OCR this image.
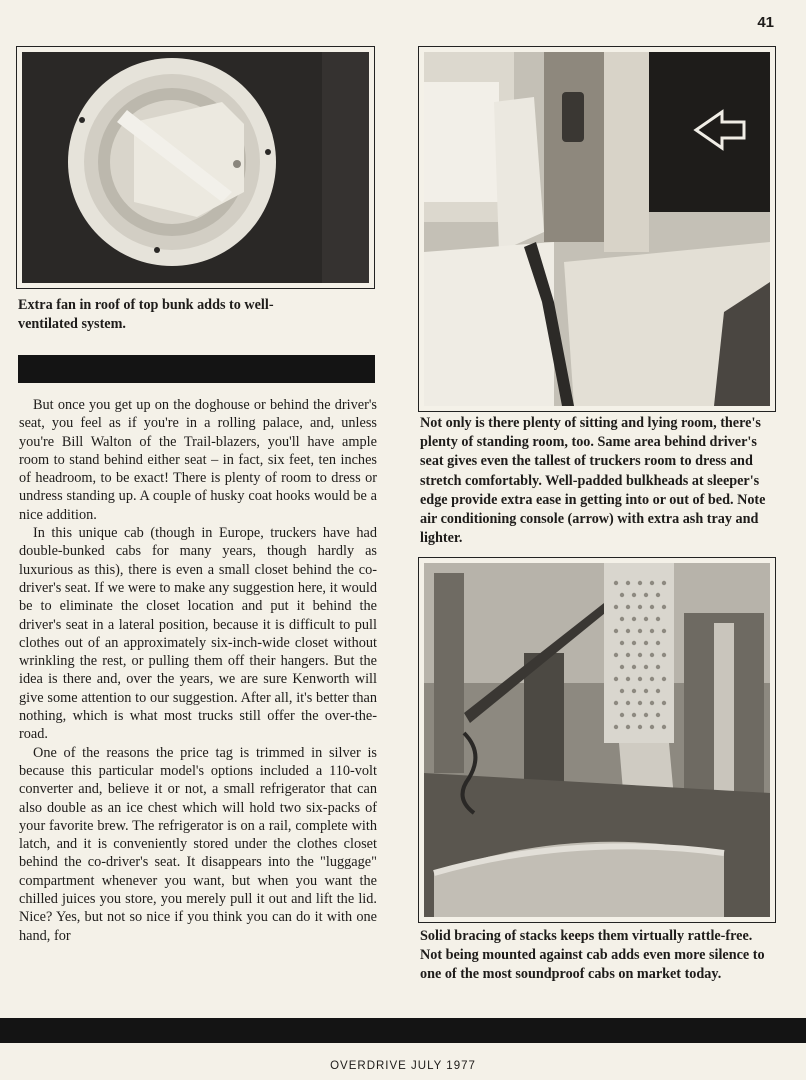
41
Extra fan in roof of top bunk adds to well-ventilated system.
Not only is there plenty of sitting and lying room, there's plenty of standing room, too. Same area behind driver's seat gives even the tallest of truckers room to dress and stretch comfortably. Well-padded bulkheads at sleeper's edge provide extra ease in getting into or out of bed. Note air conditioning console (arrow) with extra ash tray and lighter.
Solid bracing of stacks keeps them virtually rattle-free. Not being mounted against cab adds even more silence to one of the most soundproof cabs on market today.

But once you get up on the doghouse or behind the driver's seat, you feel as if you're in a rolling palace, and, unless you're Bill Walton of the Trail-blazers, you'll have ample room to stand behind either seat – in fact, six feet, ten inches of headroom, to be exact! There is plenty of room to dress or undress standing up. A couple of husky coat hooks would be a nice addition.

In this unique cab (though in Europe, truckers have had double-bunked cabs for many years, though hardly as luxurious as this), there is even a small closet behind the co-driver's seat. If we were to make any suggestion here, it would be to eliminate the closet location and put it behind the driver's seat in a lateral position, because it is difficult to pull clothes out of an approximately six-inch-wide closet without wrinkling the rest, or pulling them off their hangers. But the idea is there and, over the years, we are sure Kenworth will give some attention to our suggestion. After all, it's better than nothing, which is what most trucks still offer the over-the-road.

One of the reasons the price tag is trimmed in silver is because this particular model's options included a 110-volt converter and, believe it or not, a small refrigerator that can also double as an ice chest which will hold two six-packs of your favorite brew. The refrigerator is on a rail, complete with latch, and it is conveniently stored under the clothes closet behind the co-driver's seat. It disappears into the "luggage" compartment whenever you want, but when you want the chilled juices you store, you merely pull it out and lift the lid. Nice? Yes, but not so nice if you think you can do it with one hand, for

OVERDRIVE JULY 1977
